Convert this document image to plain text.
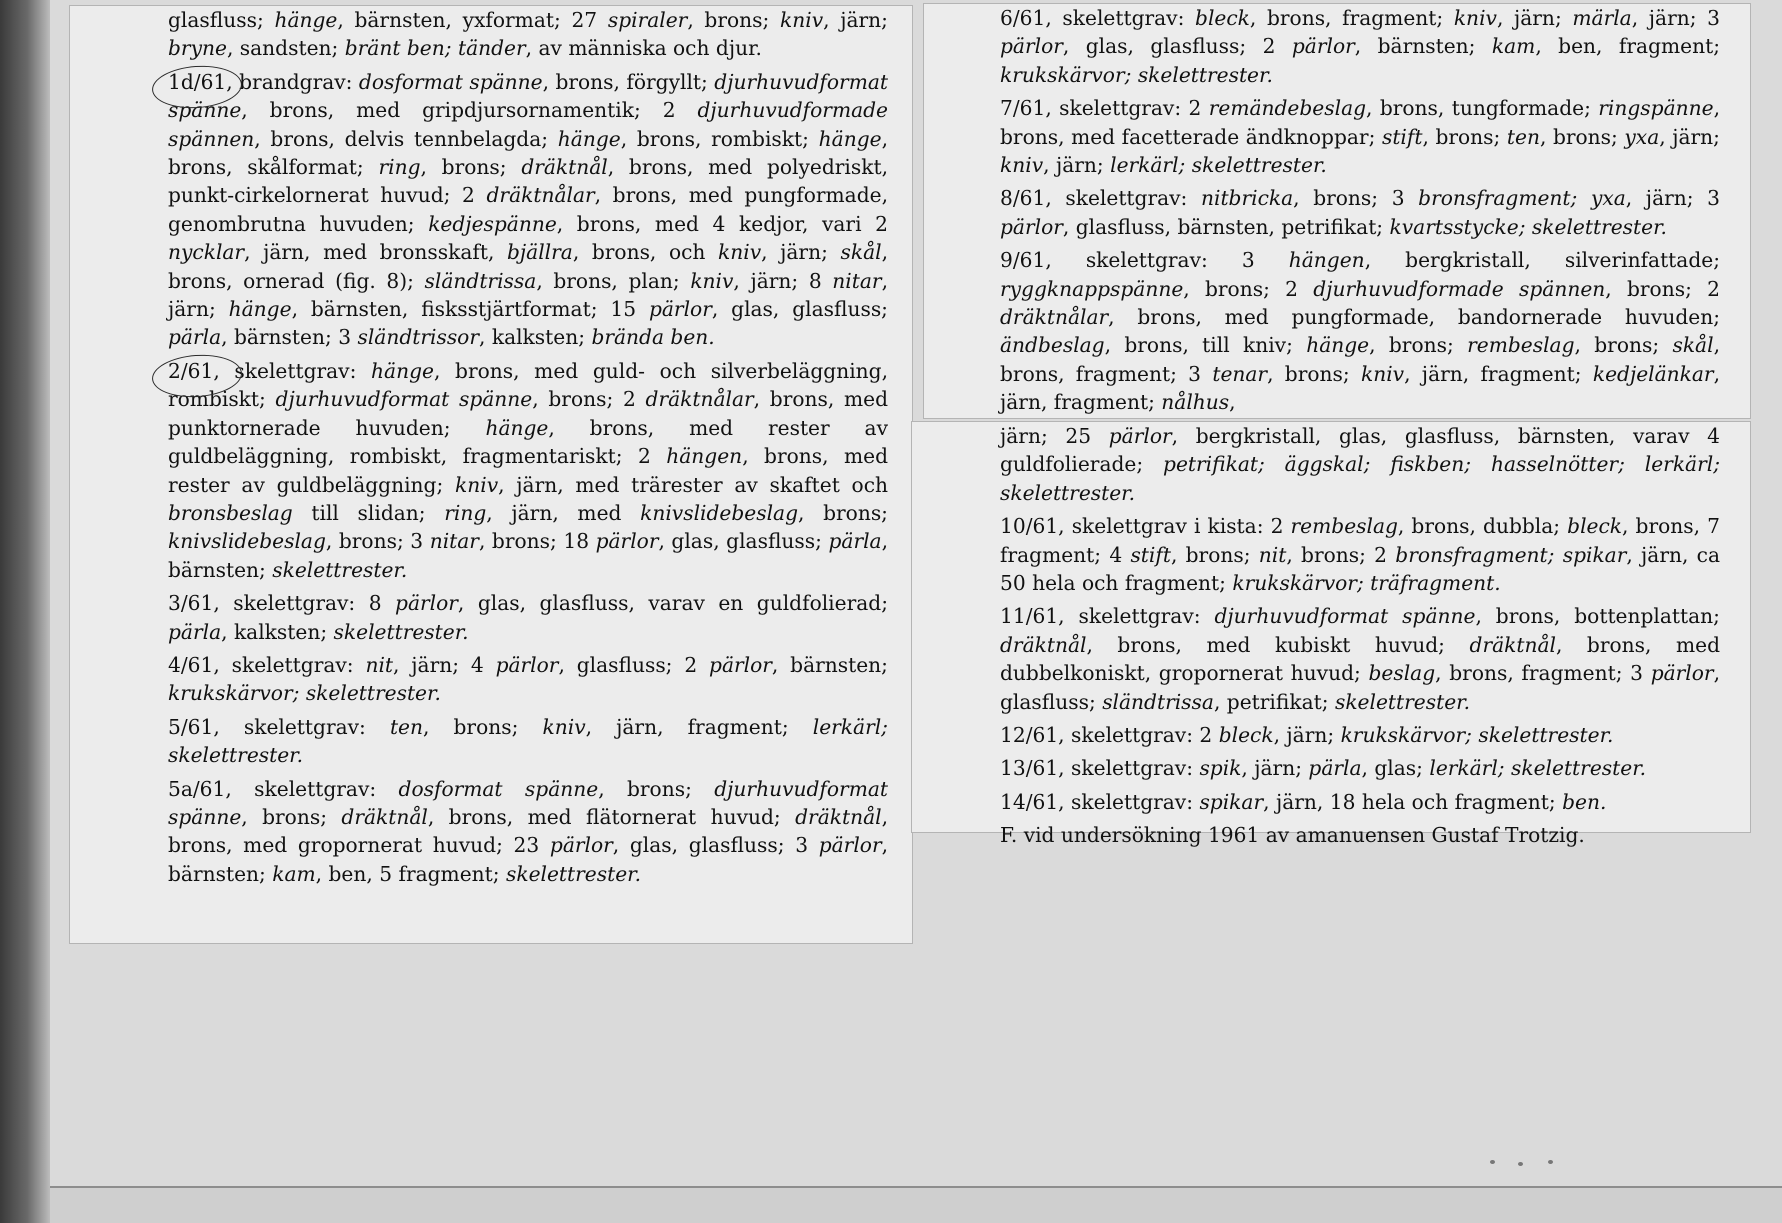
glasfluss; hänge, bärnsten, yxformat; 27 spiraler, brons; kniv, järn; bryne, sandsten; bränt ben; tänder, av människa och djur.

1d/61, brandgrav: dosformat spänne, brons, förgyllt; djurhuvudformat spänne, brons, med gripdjursornamentik; 2 djurhuvudformade spännen, brons, delvis tennbelagda; hänge, brons, rombiskt; hänge, brons, skålformat; ring, brons; dräktnål, brons, med polyedriskt, punkt-cirkelornerat huvud; 2 dräktnålar, brons, med pungformade, genombrutna huvuden; kedjespänne, brons, med 4 kedjor, vari 2 nycklar, järn, med bronsskaft, bjällra, brons, och kniv, järn; skål, brons, ornerad (fig. 8); sländtrissa, brons, plan; kniv, järn; 8 nitar, järn; hänge, bärnsten, fisksstjärtformat; 15 pärlor, glas, glasfluss; pärla, bärnsten; 3 sländtrissor, kalksten; brända ben.

2/61, skelettgrav: hänge, brons, med guld- och silverbeläggning, rombiskt; djurhuvudformat spänne, brons; 2 dräktnålar, brons, med punktornerade huvuden; hänge, brons, med rester av guldbeläggning, rombiskt, fragmentariskt; 2 hängen, brons, med rester av guldbeläggning; kniv, järn, med trärester av skaftet och bronsbeslag till slidan; ring, järn, med knivslidebeslag, brons; knivslidebeslag, brons; 3 nitar, brons; 18 pärlor, glas, glasfluss; pärla, bärnsten; skelettrester.

3/61, skelettgrav: 8 pärlor, glas, glasfluss, varav en guldfolierad; pärla, kalksten; skelettrester.

4/61, skelettgrav: nit, järn; 4 pärlor, glasfluss; 2 pärlor, bärnsten; krukskärvor; skelettrester.

5/61, skelettgrav: ten, brons; kniv, järn, fragment; lerkärl; skelettrester.

5a/61, skelettgrav: dosformat spänne, brons; djurhuvudformat spänne, brons; dräktnål, brons, med flätornerat huvud; dräktnål, brons, med gropornerat huvud; 23 pärlor, glas, glasfluss; 3 pärlor, bärnsten; kam, ben, 5 fragment; skelettrester.

6/61, skelettgrav: bleck, brons, fragment; kniv, järn; märla, järn; 3 pärlor, glas, glasfluss; 2 pärlor, bärnsten; kam, ben, fragment; krukskärvor; skelettrester.

7/61, skelettgrav: 2 remändebeslag, brons, tungformade; ringspänne, brons, med facetterade ändknoppar; stift, brons; ten, brons; yxa, järn; kniv, järn; lerkärl; skelettrester.

8/61, skelettgrav: nitbricka, brons; 3 bronsfragment; yxa, järn; 3 pärlor, glasfluss, bärnsten, petrifikat; kvartsstycke; skelettrester.

9/61, skelettgrav: 3 hängen, bergkristall, silverinfattade; ryggknappspänne, brons; 2 djurhuvudformade spännen, brons; 2 dräktnålar, brons, med pungformade, bandornerade huvuden; ändbeslag, brons, till kniv; hänge, brons; rembeslag, brons; skål, brons, fragment; 3 tenar, brons; kniv, järn, fragment; kedjelänkar, järn, fragment; nålhus,

järn; 25 pärlor, bergkristall, glas, glasfluss, bärnsten, varav 4 guldfolierade; petrifikat; äggskal; fiskben; hasselnötter; lerkärl; skelettrester.

10/61, skelettgrav i kista: 2 rembeslag, brons, dubbla; bleck, brons, 7 fragment; 4 stift, brons; nit, brons; 2 bronsfragment; spikar, järn, ca 50 hela och fragment; krukskärvor; träfragment.

11/61, skelettgrav: djurhuvudformat spänne, brons, bottenplattan; dräktnål, brons, med kubiskt huvud; dräktnål, brons, med dubbelkoniskt, gropornerat huvud; beslag, brons, fragment; 3 pärlor, glasfluss; sländtrissa, petrifikat; skelettrester.

12/61, skelettgrav: 2 bleck, järn; krukskärvor; skelettrester.

13/61, skelettgrav: spik, järn; pärla, glas; lerkärl; skelettrester.

14/61, skelettgrav: spikar, järn, 18 hela och fragment; ben.

F. vid undersökning 1961 av amanuensen Gustaf Trotzig.
